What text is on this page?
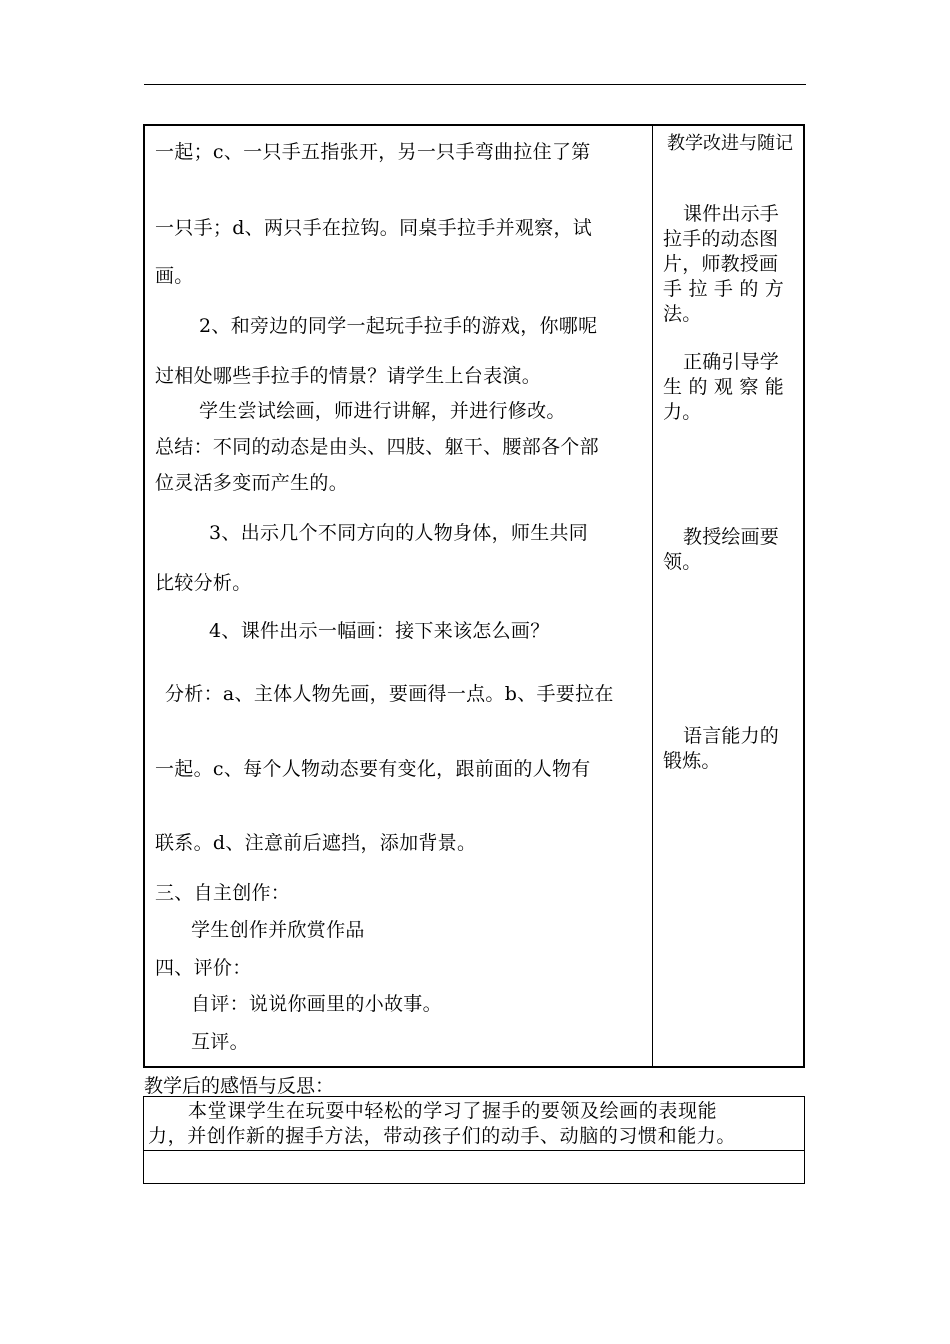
一起；c、一只手五指张开，另一只手弯曲拉住了第
一只手；d、两只手在拉钩。同桌手拉手并观察，试
画。
2、和旁边的同学一起玩手拉手的游戏，你哪呢
过相处哪些手拉手的情景？请学生上台表演。
学生尝试绘画，师进行讲解，并进行修改。
总结：不同的动态是由头、四肢、躯干、腰部各个部
位灵活多变而产生的。
3、出示几个不同方向的人物身体，师生共同
比较分析。
4、课件出示一幅画：接下来该怎么画？
分析：a、主体人物先画，要画得一点。b、手要拉在
一起。c、每个人物动态要有变化，跟前面的人物有
联系。d、注意前后遮挡，添加背景。
三、自主创作：
学生创作并欣赏作品
四、评价：
自评：说说你画里的小故事。
互评。
教学改进与随记
课件出示手
拉手的动态图
片，师教授画
手 拉 手 的 方
法。
正确引导学
生 的 观 察 能
力。
教授绘画要
领。
语言能力的
锻炼。
教学后的感悟与反思：
本堂课学生在玩耍中轻松的学习了握手的要领及绘画的表现能
力，并创作新的握手方法，带动孩子们的动手、动脑的习惯和能力。
